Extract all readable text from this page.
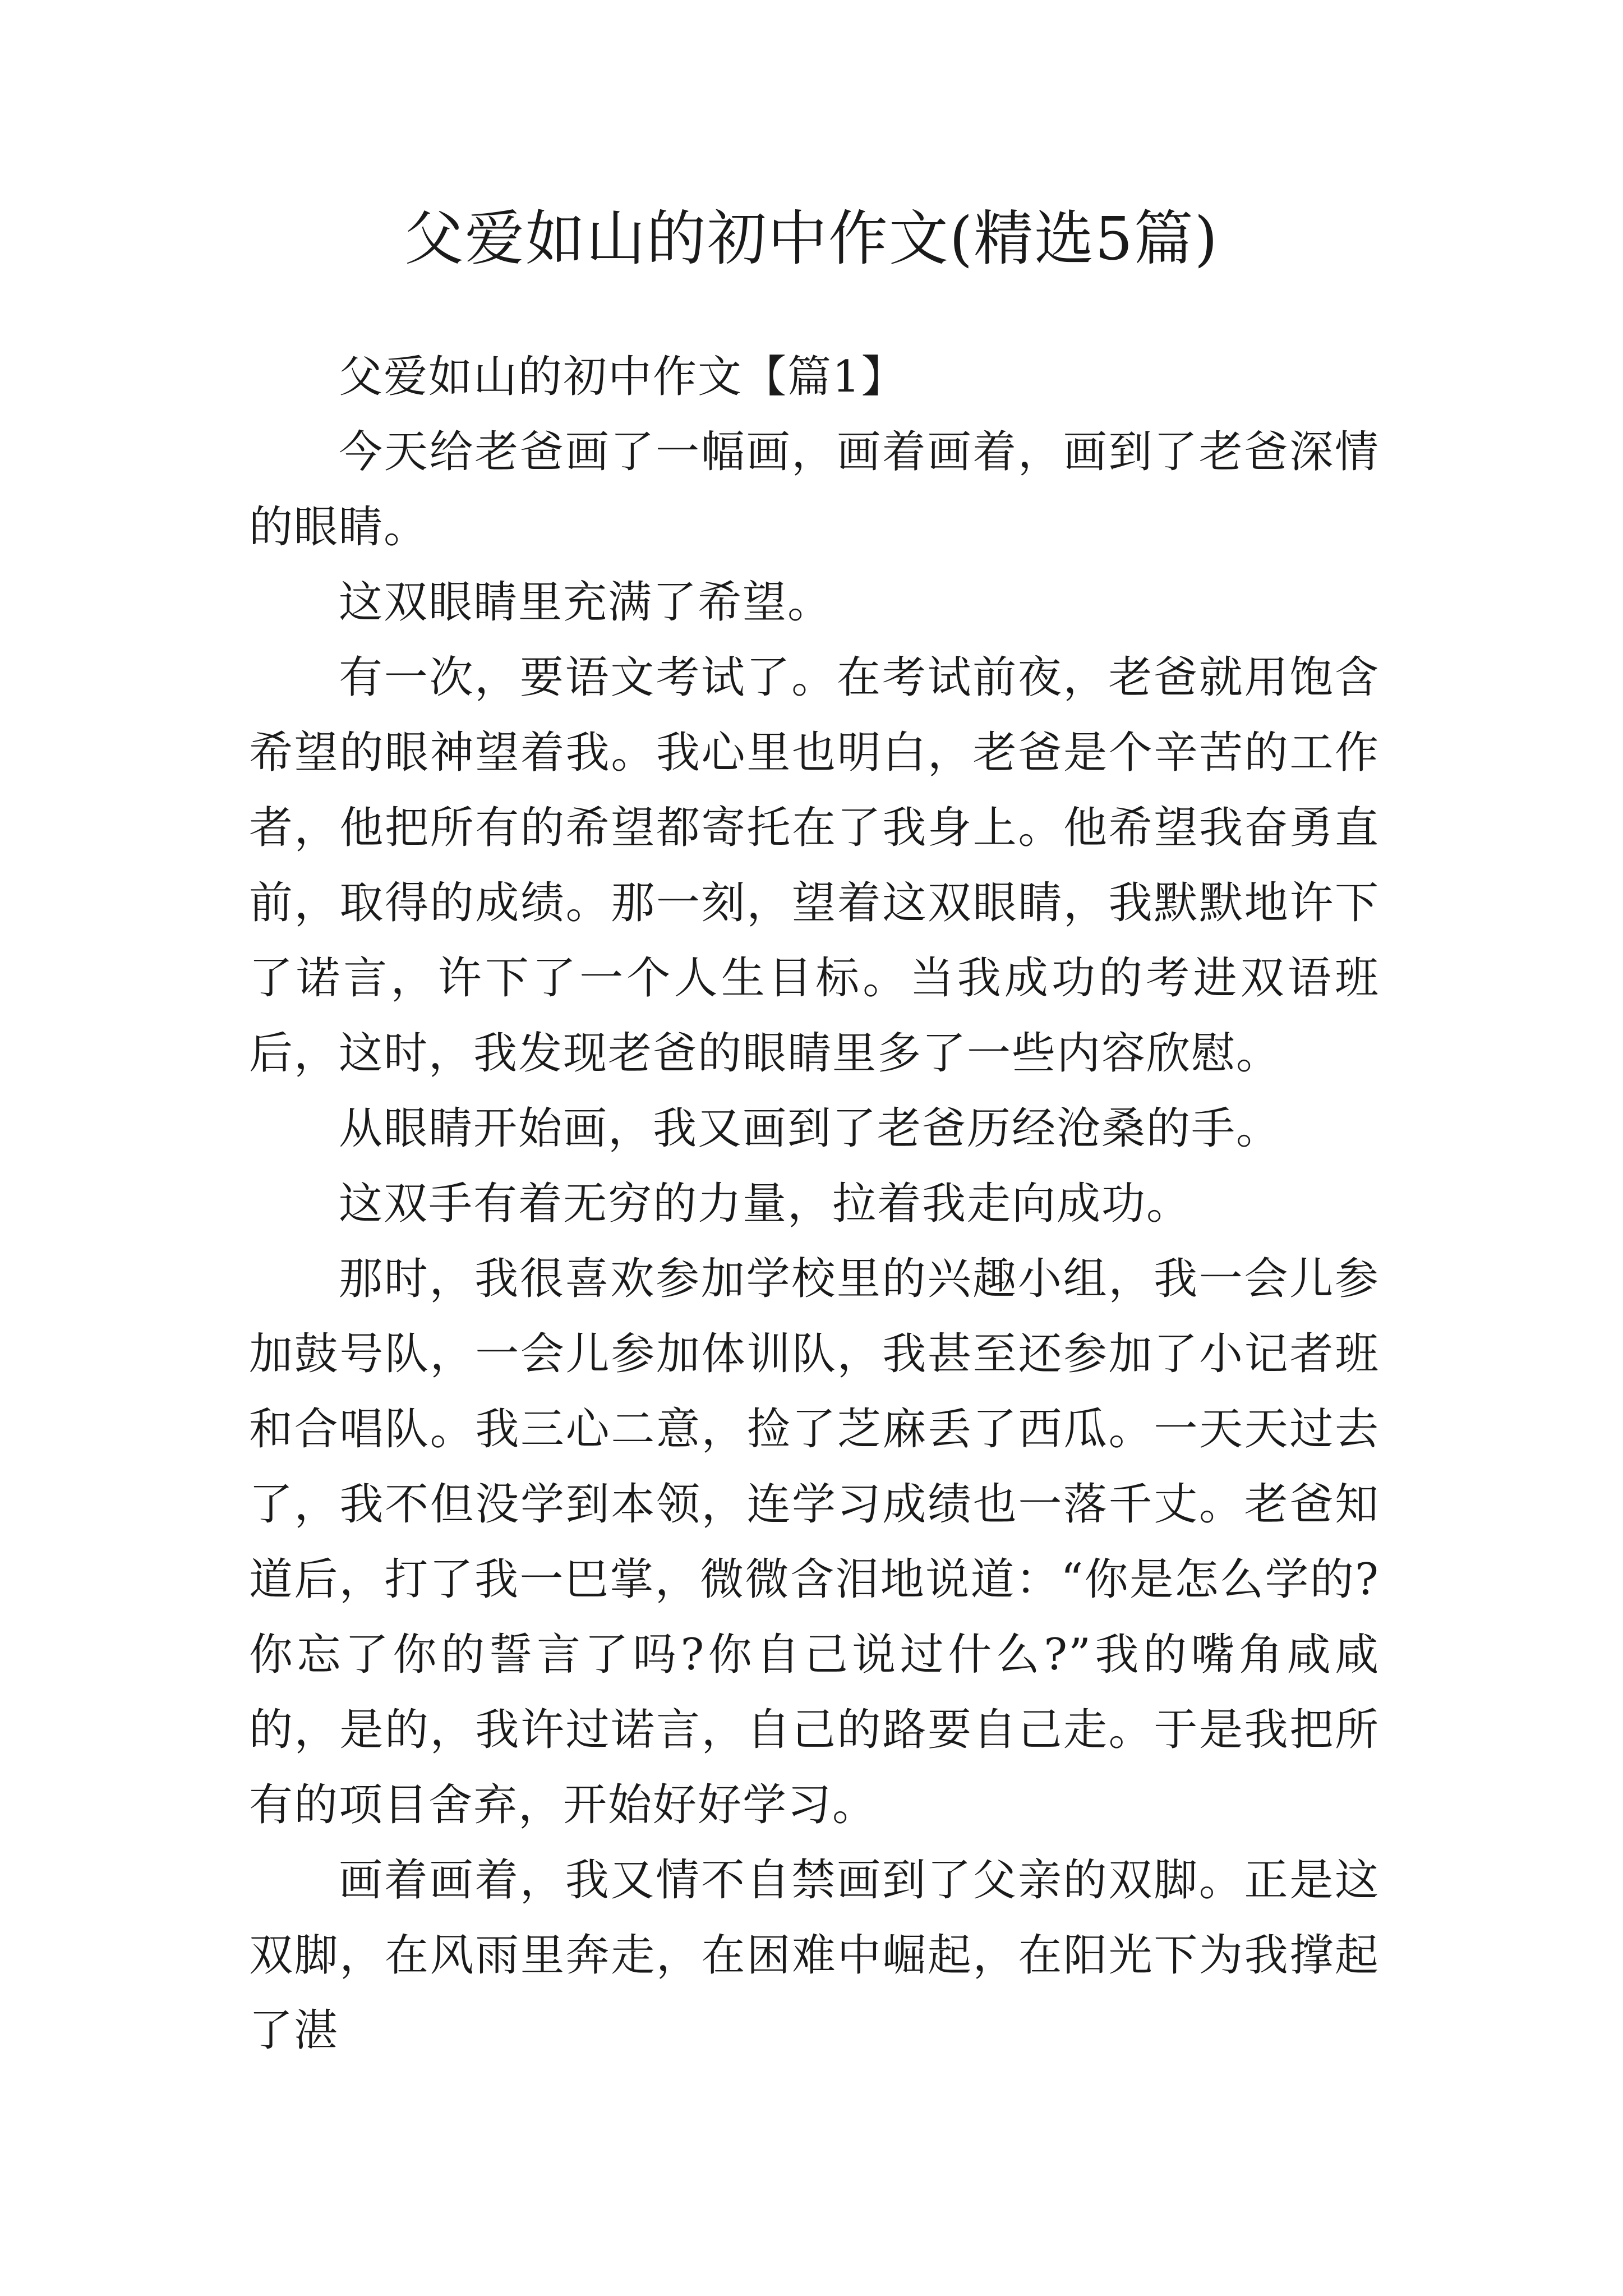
父爱如山的初中作文(精选5篇)

父爱如山的初中作文【篇1】

今天给老爸画了一幅画，画着画着，画到了老爸深情的眼睛。

这双眼睛里充满了希望。

有一次，要语文考试了。在考试前夜，老爸就用饱含希望的眼神望着我。我心里也明白，老爸是个辛苦的工作者，他把所有的希望都寄托在了我身上。他希望我奋勇直前，取得的成绩。那一刻，望着这双眼睛，我默默地许下了诺言，许下了一个人生目标。当我成功的考进双语班后，这时，我发现老爸的眼睛里多了一些内容欣慰。

从眼睛开始画，我又画到了老爸历经沧桑的手。

这双手有着无穷的力量，拉着我走向成功。

那时，我很喜欢参加学校里的兴趣小组，我一会儿参加鼓号队，一会儿参加体训队，我甚至还参加了小记者班和合唱队。我三心二意，捡了芝麻丢了西瓜。一天天过去了，我不但没学到本领，连学习成绩也一落千丈。老爸知道后，打了我一巴掌，微微含泪地说道：“你是怎么学的?你忘了你的誓言了吗?你自己说过什么?”我的嘴角咸咸的，是的，我许过诺言，自己的路要自己走。于是我把所有的项目舍弃，开始好好学习。

画着画着，我又情不自禁画到了父亲的双脚。正是这双脚，在风雨里奔走，在困难中崛起，在阳光下为我撑起了湛
